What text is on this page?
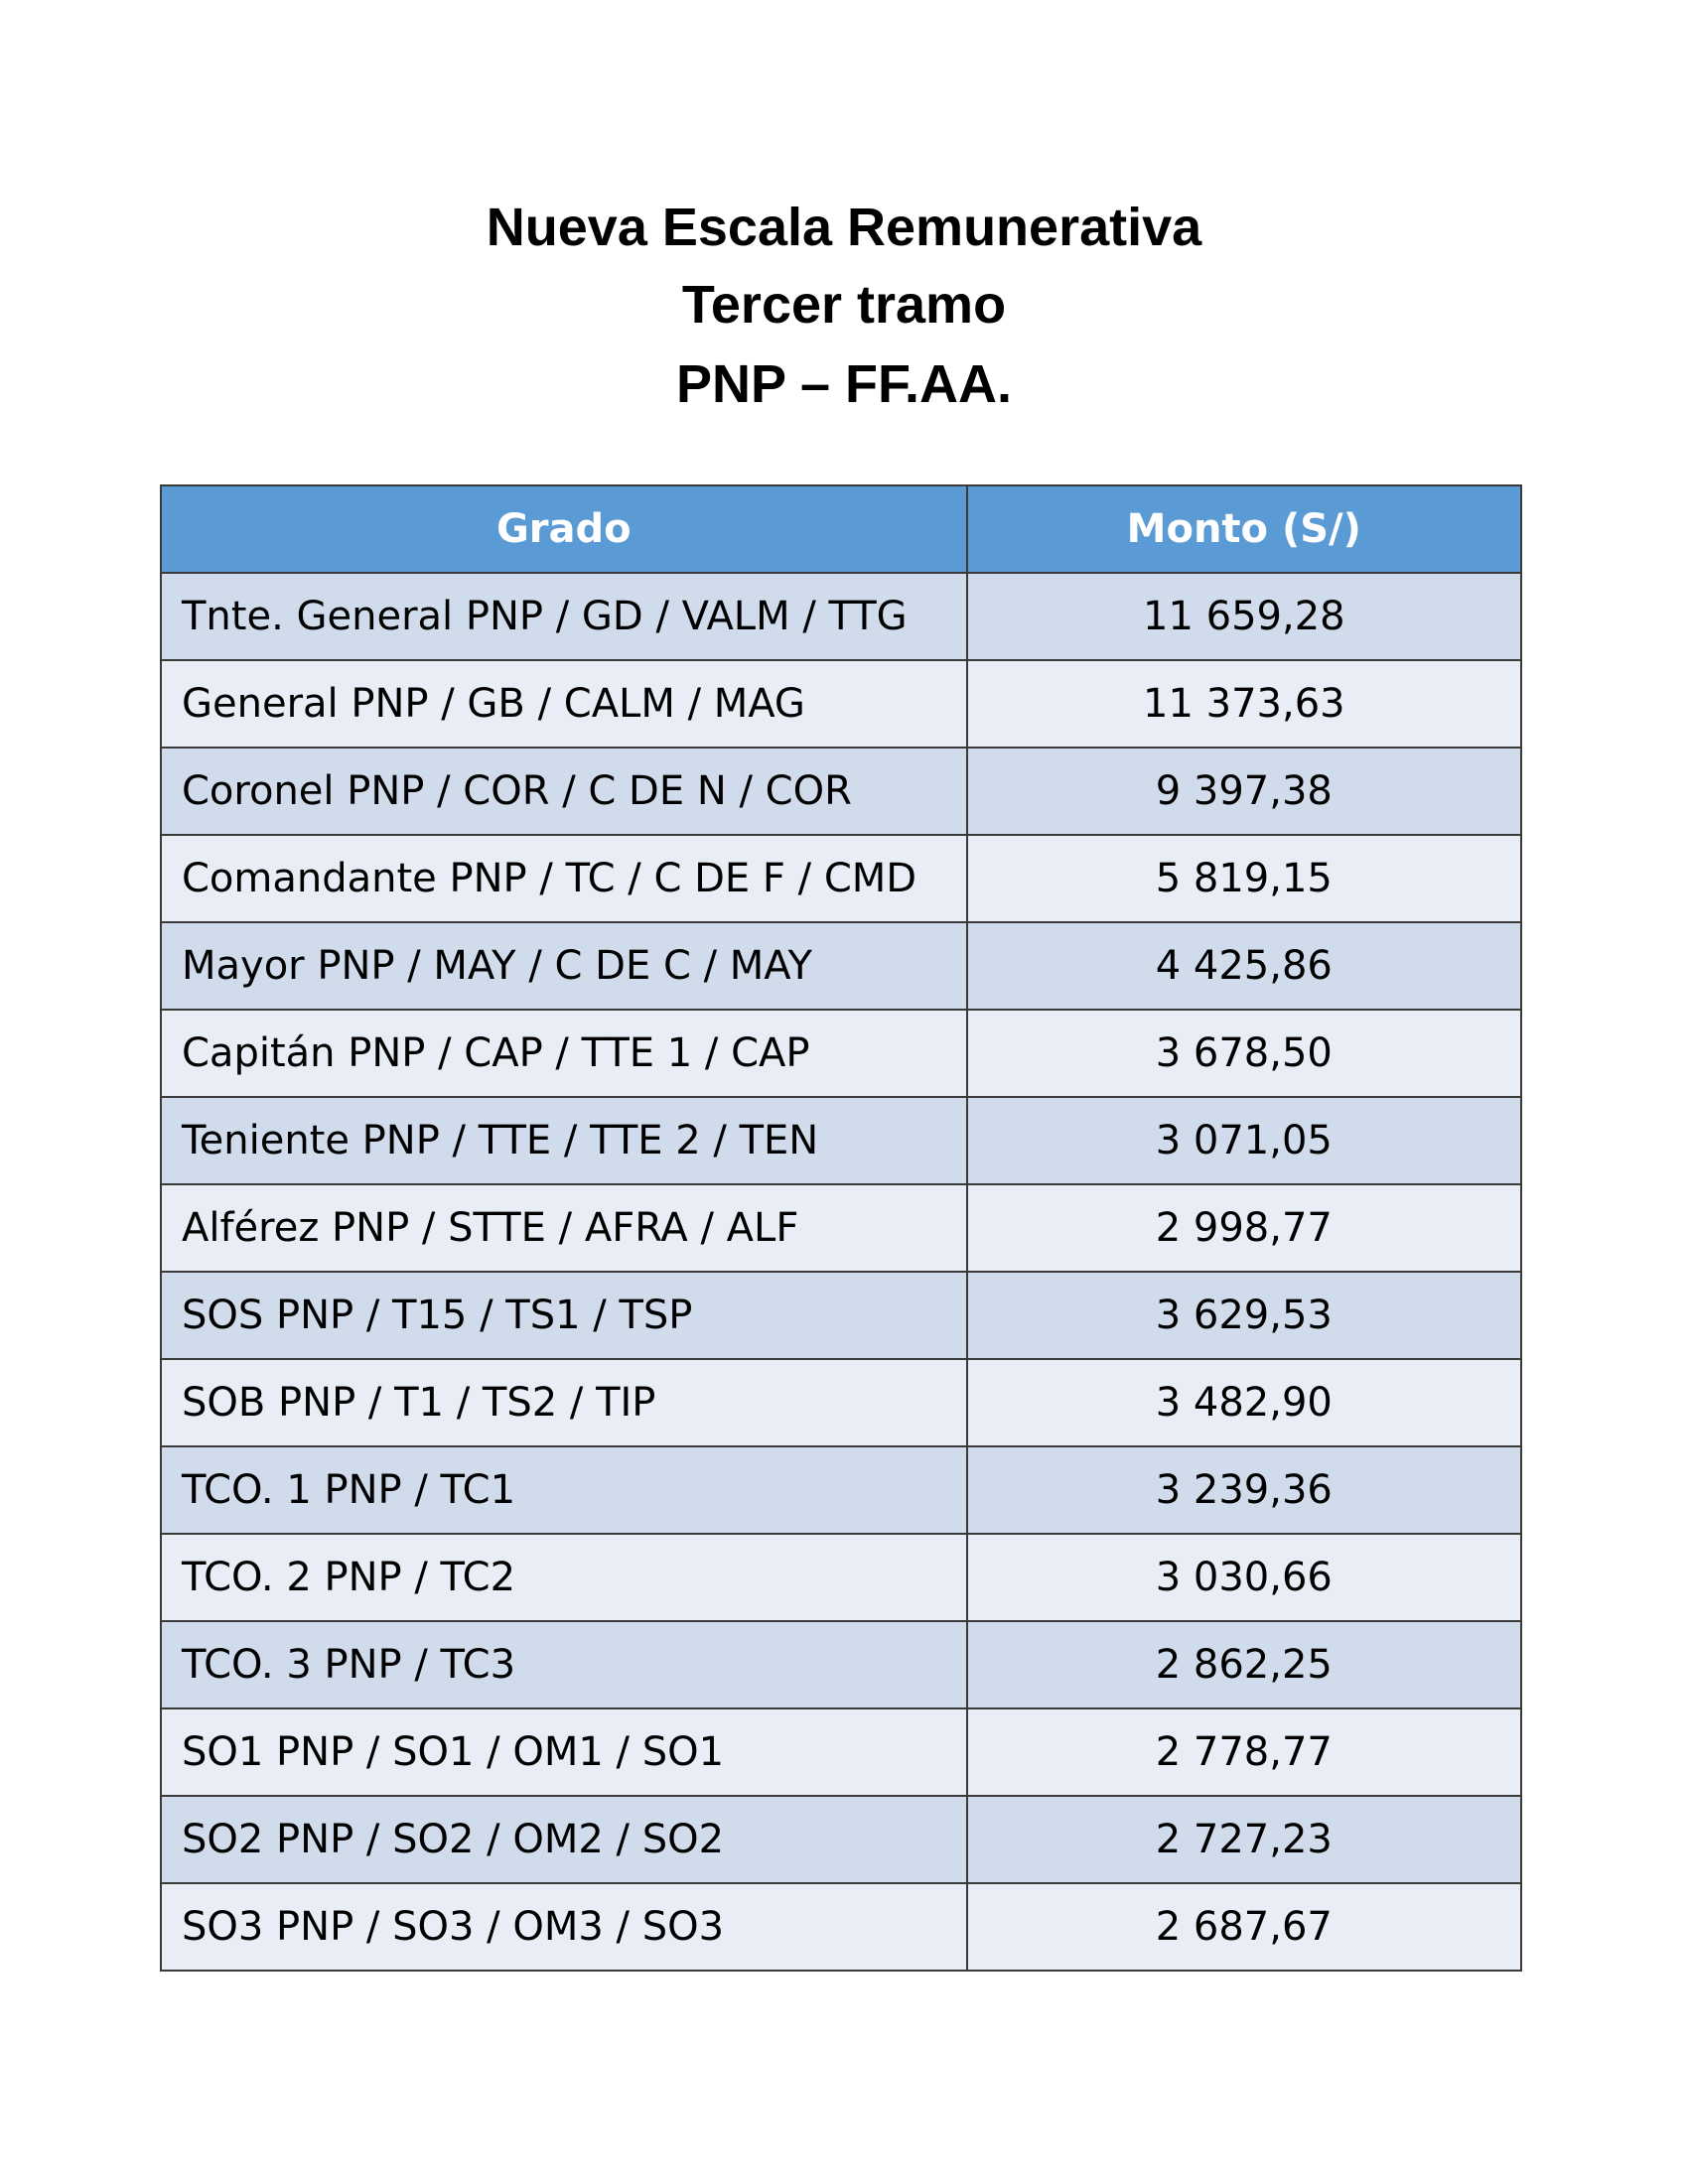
Nueva Escala Remunerativa

Tercer tramo

PNP – FF.AA.

Grado	Monto (S/)
Tnte. General PNP / GD / VALM / TTG	11 659,28
General PNP / GB / CALM / MAG	11 373,63
Coronel PNP / COR / C DE N / COR	9 397,38
Comandante PNP / TC / C DE F / CMD	5 819,15
Mayor PNP / MAY / C DE C / MAY	4 425,86
Capitán PNP / CAP / TTE 1 / CAP	3 678,50
Teniente PNP / TTE / TTE 2 / TEN	3 071,05
Alférez PNP / STTE / AFRA / ALF	2 998,77
SOS PNP / T15 / TS1 / TSP	3 629,53
SOB PNP / T1 / TS2 / TIP	3 482,90
TCO. 1 PNP / TC1	3 239,36
TCO. 2 PNP / TC2	3 030,66
TCO. 3 PNP / TC3	2 862,25
SO1 PNP / SO1 / OM1 / SO1	2 778,77
SO2 PNP / SO2 / OM2 / SO2	2 727,23
SO3 PNP / SO3 / OM3 / SO3	2 687,67
